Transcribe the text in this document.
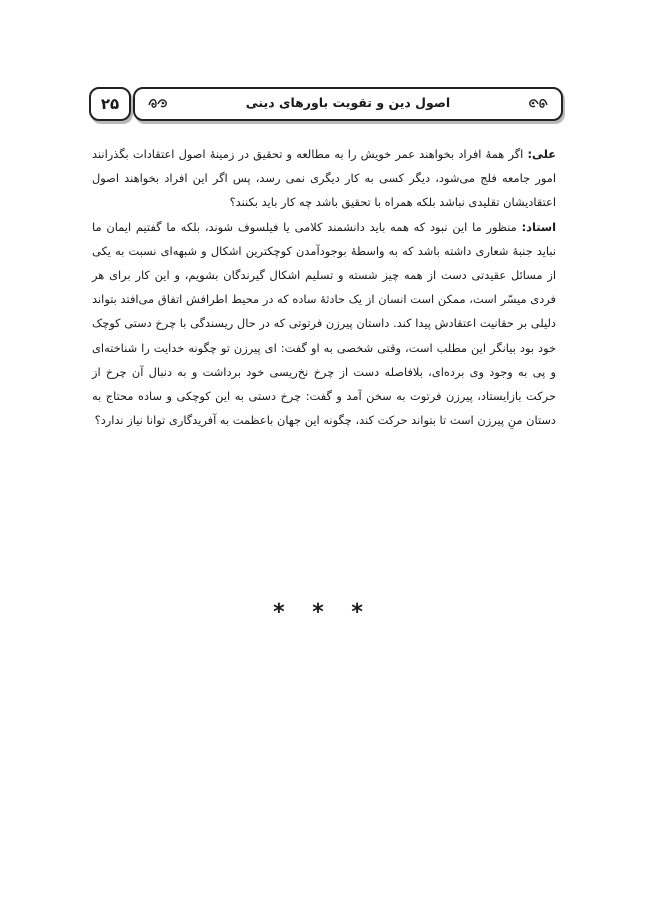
۲۵	اصول دین و تقویت باورهای دینی

علی: اگر همهٔ افراد بخواهند عمر خویش را به مطالعه و تحقیق در زمینهٔ اصول اعتقادات بگذرانند امور جامعه فلج می‌شود، دیگر کسی به کار دیگری نمی رسد، پس اگر این افراد بخواهند اصول اعتقادیشان تقلیدی نباشد بلکه همراه با تحقیق باشد چه کار باید بکنند؟

استاد: منظور ما این نبود که همه باید دانشمند کلامی یا فیلسوف شوند، بلکه ما گفتیم ایمان ما نباید جنبهٔ شعاری داشته باشد که به واسطهٔ بوجودآمدن کوچکترین اشکال و شبهه‌ای نسبت به یکی از مسائل عقیدتی دست از همه چیز شسته و تسلیم اشکال گیرندگان بشویم، و این کار برای هر فردی میسّر است، ممکن است انسان از یک حادثهٔ ساده که در محیط اطرافش اتفاق می‌افتد بتواند دلیلی بر حقانیت اعتقادش پیدا کند. داستان پیرزن فرتوتی که در حال ریسندگی با چرخ دستی کوچک خود بود بیانگر این مطلب است، وقتی شخصی به او گفت: ای پیرزن تو چگونه خدایت را شناخته‌ای و پی به وجود وی برده‌ای، بلافاصله دست از چرخ نخ‌ریسی خود برداشت و به دنبال آن چرخ از حرکت بازایستاد، پیرزن فرتوت به سخن آمد و گفت: چرخ دستی به این کوچکی و ساده محتاج به دستان منِ پیرزن است تا بتواند حرکت کند، چگونه این جهان باعظمت به آفریدگاری توانا نیاز ندارد؟

* * *
